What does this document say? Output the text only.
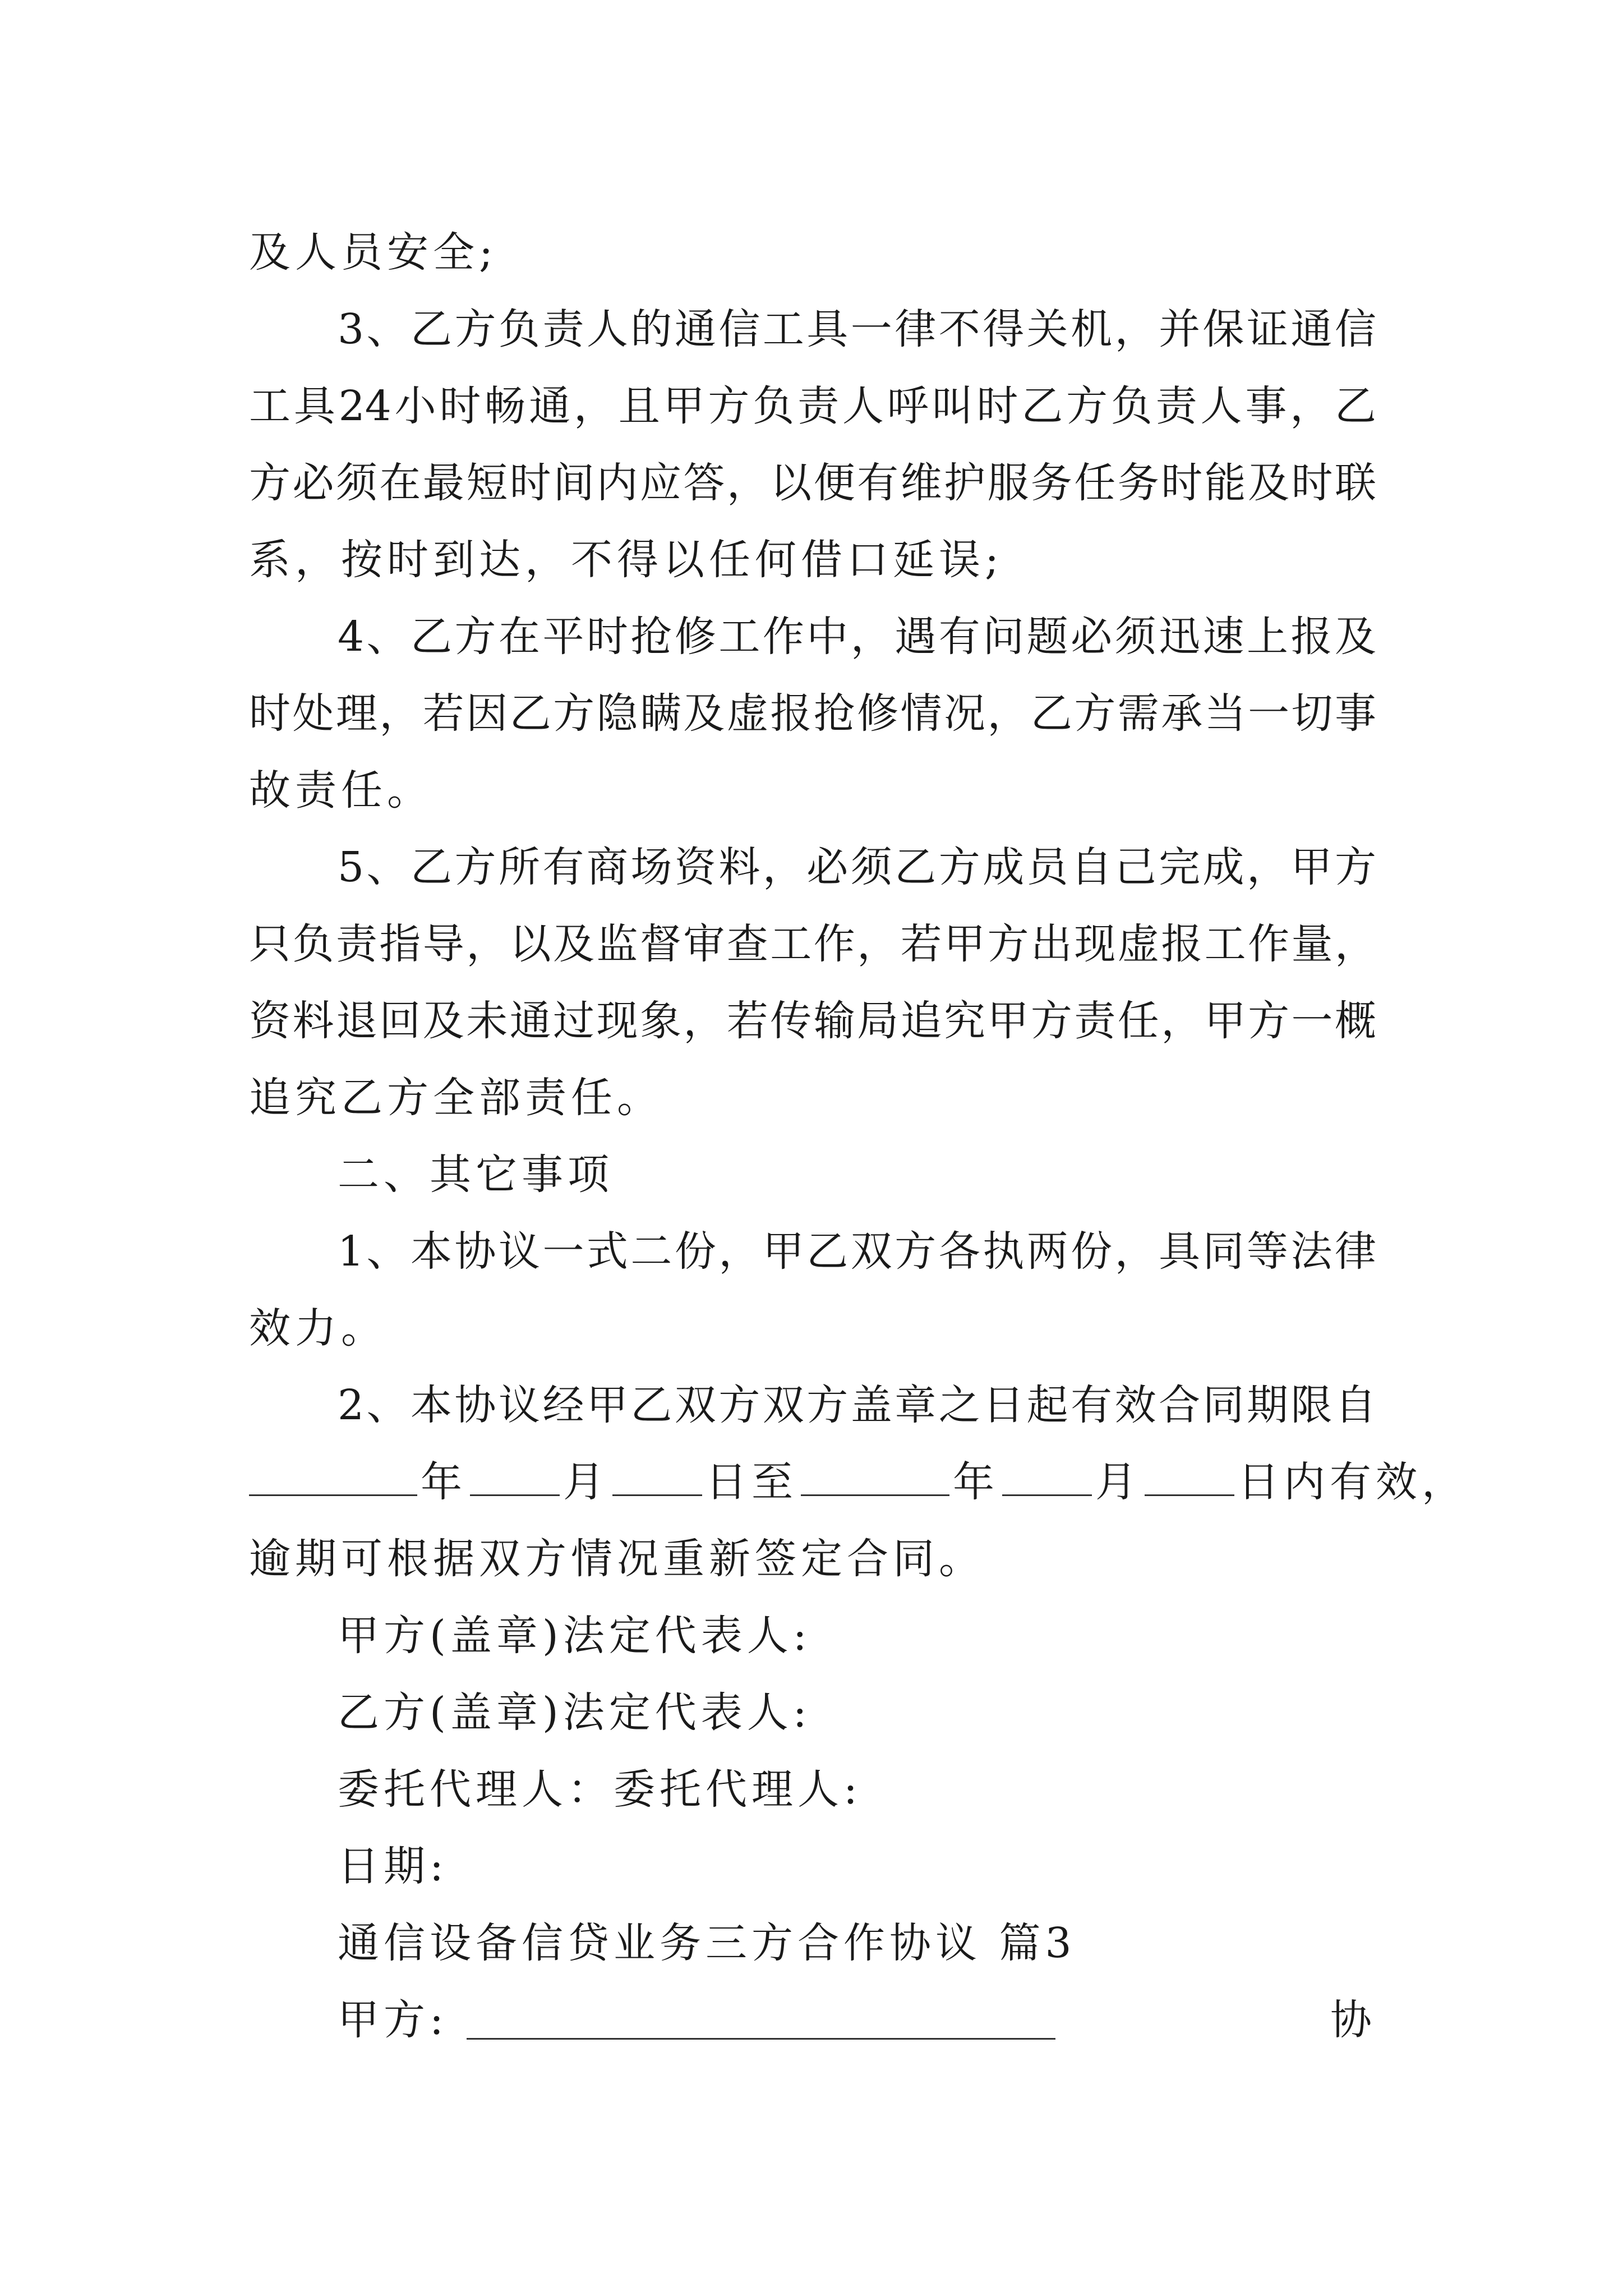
及人员安全;
3、乙方负责人的通信工具一律不得关机，并保证通信
工具24小时畅通，且甲方负责人呼叫时乙方负责人事，乙
方必须在最短时间内应答，以便有维护服务任务时能及时联
系，按时到达，不得以任何借口延误;
4、乙方在平时抢修工作中，遇有问题必须迅速上报及
时处理，若因乙方隐瞒及虚报抢修情况，乙方需承当一切事
故责任。
5、乙方所有商场资料，必须乙方成员自己完成，甲方
只负责指导，以及监督审查工作，若甲方出现虚报工作量，
资料退回及未通过现象，若传输局追究甲方责任，甲方一概
追究乙方全部责任。
二、其它事项
1、本协议一式二份，甲乙双方各执两份，具同等法律
效力。
2、本协议经甲乙双方双方盖章之日起有效合同期限自
年 月 日至	年 月 日内有效，
逾期可根据双方情况重新签定合同。
甲方(盖章)法定代表人:
乙方(盖章)法定代表人:
委托代理人：委托代理人:
日期:
通信设备信贷业务三方合作协议 篇3
甲方:	协
